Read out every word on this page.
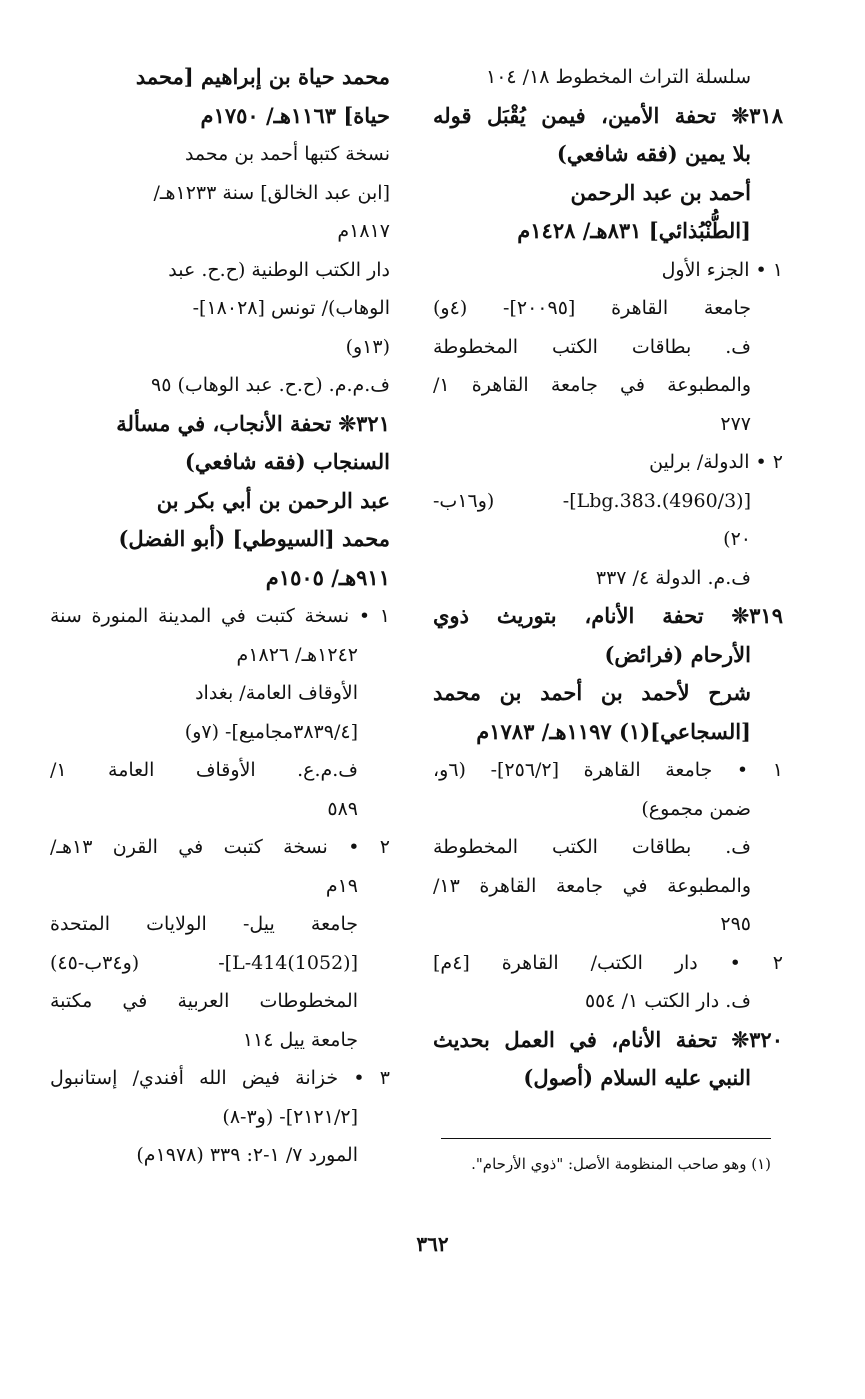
سلسلة التراث المخطوط ١٨/ ١٠٤
٣١٨❊ تحفة الأمين، فيمن يُقْبَل قوله
بلا يمين (فقه شافعي)
أحمد بن عبد الرحمن
[الطُّنْبُذائي] ٨٣١هـ/ ١٤٢٨م
١ • الجزء الأول
جامعة القاهرة [٢٠٠٩٥]- (٤و)
ف. بطاقات الكتب المخطوطة
والمطبوعة في جامعة القاهرة ١/
٢٧٧
٢ • الدولة/ برلين
[Lbg.383.(4960/3)]- (و١٦ب-
٢٠)
ف.م. الدولة ٤/ ٣٣٧
٣١٩❊ تحفة الأنام، بتوريث ذوي
الأرحام (فرائض)
شرح لأحمد بن أحمد بن محمد
[السجاعي](١) ١١٩٧هـ/ ١٧٨٣م
١ • جامعة القاهرة [٢٥٦/٢]- (٦و،
ضمن مجموع)
ف. بطاقات الكتب المخطوطة
والمطبوعة في جامعة القاهرة ١٣/
٢٩٥
٢ • دار الكتب/ القاهرة [٤م]
ف. دار الكتب ١/ ٥٥٤
٣٢٠❊ تحفة الأنام، في العمل بحديث
النبي عليه السلام (أصول)
محمد حياة بن إبراهيم [محمد
حياة] ١١٦٣هـ/ ١٧٥٠م
نسخة كتبها أحمد بن محمد
[ابن عبد الخالق] سنة ١٢٣٣هـ/
١٨١٧م
دار الكتب الوطنية (ح.ح. عبد
الوهاب)/ تونس [١٨٠٢٨]-
(١٣و)
ف.م.م. (ح.ح. عبد الوهاب) ٩٥
٣٢١❊ تحفة الأنجاب، في مسألة
السنجاب (فقه شافعي)
عبد الرحمن بن أبي بكر بن
محمد [السيوطي] (أبو الفضل)
٩١١هـ/ ١٥٠٥م
١ • نسخة كتبت في المدينة المنورة سنة
١٢٤٢هـ/ ١٨٢٦م
الأوقاف العامة/ بغداد
[٣٨٣٩/٤مجاميع]- (٧و)
ف.م.ع. الأوقاف العامة ١/
٥٨٩
٢ • نسخة كتبت في القرن ١٣هـ/
١٩م
جامعة ييل- الولايات المتحدة
[L-414(1052)]- (و٣٤ب-٤٥)
المخطوطات العربية في مكتبة
جامعة ييل ١١٤
٣ • خزانة فيض الله أفندي/ إستانبول
[٢١٢١/٢]- (و٣-٨)
المورد ٧/ ١-٢: ٣٣٩ (١٩٧٨م)	(١) وهو صاحب المنظومة الأصل: "ذوي الأرحام".
٣٦٢
